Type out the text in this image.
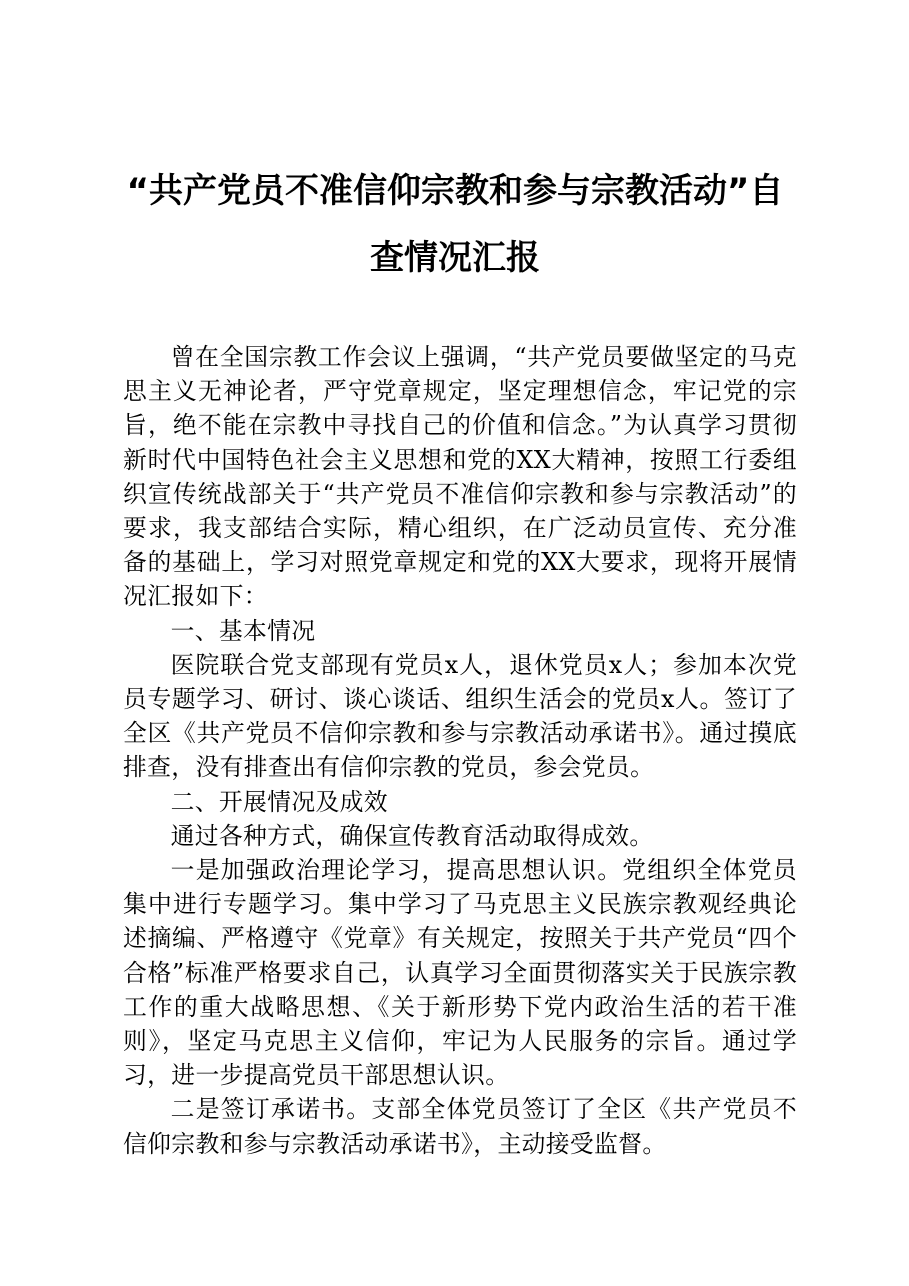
“共产党员不准信仰宗教和参与宗教活动”自查情况汇报

曾在全国宗教工作会议上强调，“共产党员要做坚定的马克思主义无神论者，严守党章规定，坚定理想信念，牢记党的宗旨，绝不能在宗教中寻找自己的价值和信念。”为认真学习贯彻新时代中国特色社会主义思想和党的XX大精神，按照工行委组织宣传统战部关于“共产党员不准信仰宗教和参与宗教活动”的要求，我支部结合实际，精心组织，在广泛动员宣传、充分准备的基础上，学习对照党章规定和党的XX大要求，现将开展情况汇报如下：

一、基本情况

医院联合党支部现有党员x人，退休党员x人；参加本次党员专题学习、研讨、谈心谈话、组织生活会的党员x人。签订了全区《共产党员不信仰宗教和参与宗教活动承诺书》。通过摸底排查，没有排查出有信仰宗教的党员，参会党员。

二、开展情况及成效

通过各种方式，确保宣传教育活动取得成效。

一是加强政治理论学习，提高思想认识。党组织全体党员集中进行专题学习。集中学习了马克思主义民族宗教观经典论述摘编、严格遵守《党章》有关规定，按照关于共产党员“四个合格”标准严格要求自己，认真学习全面贯彻落实关于民族宗教工作的重大战略思想、《关于新形势下党内政治生活的若干准则》，坚定马克思主义信仰，牢记为人民服务的宗旨。通过学习，进一步提高党员干部思想认识。

二是签订承诺书。支部全体党员签订了全区《共产党员不信仰宗教和参与宗教活动承诺书》，主动接受监督。
